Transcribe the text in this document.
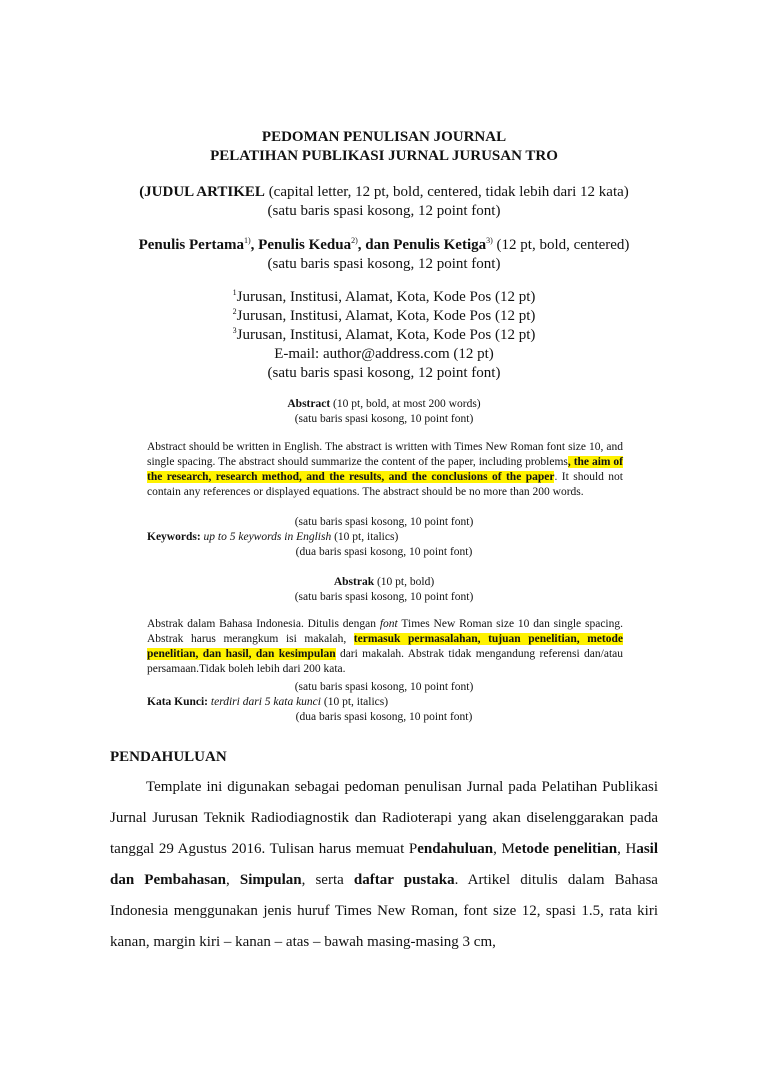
PEDOMAN PENULISAN JOURNAL
PELATIHAN PUBLIKASI JURNAL JURUSAN TRO
(JUDUL ARTIKEL (capital letter, 12 pt, bold, centered, tidak lebih dari 12 kata)
(satu baris spasi kosong, 12 point font)
Penulis Pertama$^{1)}$, Penulis Kedua$^{2)}$, dan Penulis Ketiga$^{3)}$ (12 pt, bold, centered)
(satu baris spasi kosong, 12 point font)
$^1$Jurusan, Institusi, Alamat, Kota, Kode Pos (12 pt)
$^2$Jurusan, Institusi, Alamat, Kota, Kode Pos (12 pt)
$^3$Jurusan, Institusi, Alamat, Kota, Kode Pos (12 pt)
E-mail: author@address.com (12 pt)
(satu baris spasi kosong, 12 point font)
Abstract (10 pt, bold, at most 200 words)
(satu baris spasi kosong, 10 point font)
Abstract should be written in English. The abstract is written with Times New Roman font size 10, and single spacing. The abstract should summarize the content of the paper, including problems, the aim of the research, research method, and the results, and the conclusions of the paper. It should not contain any references or displayed equations. The abstract should be no more than 200 words.
(satu baris spasi kosong, 10 point font)
Keywords: up to 5 keywords in English (10 pt, italics)
(dua baris spasi kosong, 10 point font)
Abstrak (10 pt, bold)
(satu baris spasi kosong, 10 point font)
Abstrak dalam Bahasa Indonesia. Ditulis dengan font Times New Roman size 10 dan single spacing. Abstrak harus merangkum isi makalah, termasuk permasalahan, tujuan penelitian, metode penelitian, dan hasil, dan kesimpulan dari makalah. Abstrak tidak mengandung referensi dan/atau persamaan.Tidak boleh lebih dari 200 kata.
(satu baris spasi kosong, 10 point font)
Kata Kunci: terdiri dari 5 kata kunci (10 pt, italics)
(dua baris spasi kosong, 10 point font)
PENDAHULUAN
Template ini digunakan sebagai pedoman penulisan Jurnal pada Pelatihan Publikasi Jurnal Jurusan Teknik Radiodiagnostik dan Radioterapi yang akan diselenggarakan pada tanggal 29 Agustus 2016. Tulisan harus memuat Pendahuluan, Metode penelitian, Hasil dan Pembahasan, Simpulan, serta daftar pustaka. Artikel ditulis dalam Bahasa Indonesia menggunakan jenis huruf Times New Roman, font size 12, spasi 1.5, rata kiri kanan, margin kiri – kanan – atas – bawah masing-masing 3 cm,
